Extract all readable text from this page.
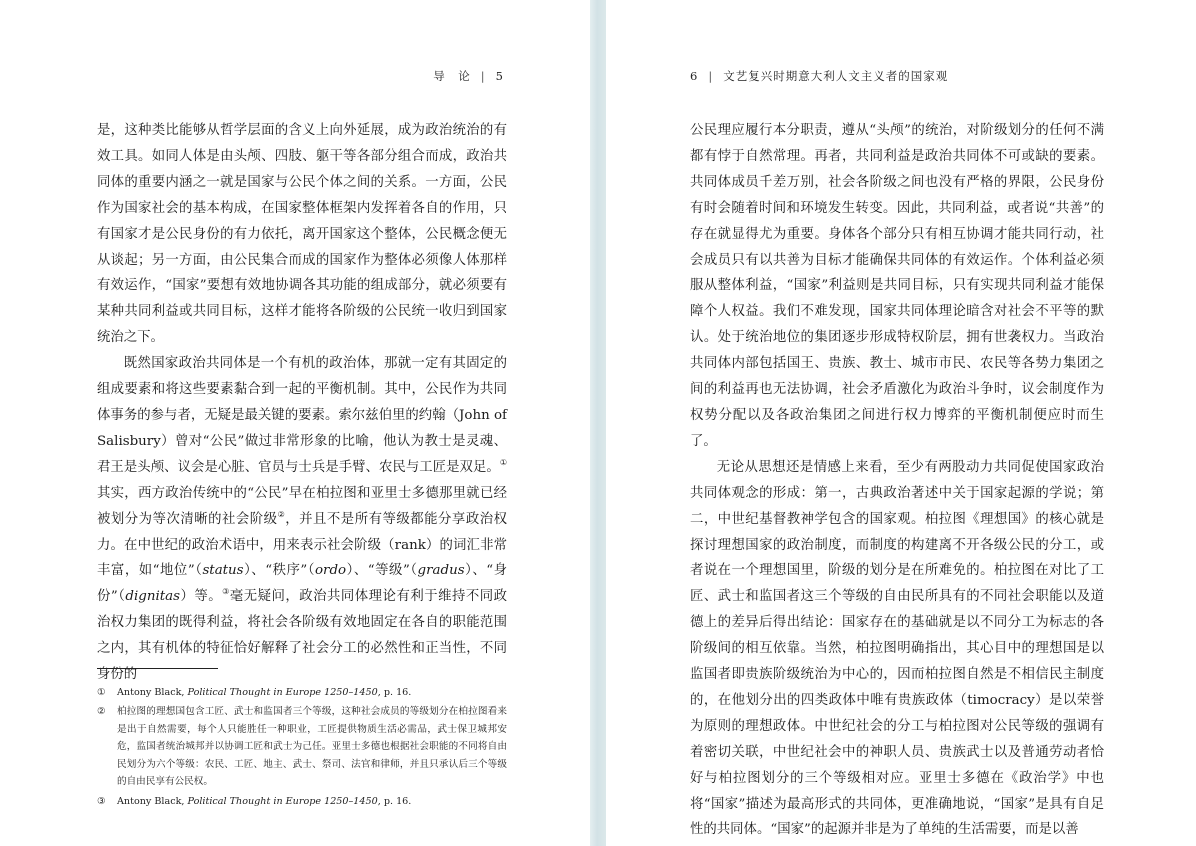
导　论 | 5

是，这种类比能够从哲学层面的含义上向外延展，成为政治统治的有效工具。如同人体是由头颅、四肢、躯干等各部分组合而成，政治共同体的重要内涵之一就是国家与公民个体之间的关系。一方面，公民作为国家社会的基本构成，在国家整体框架内发挥着各自的作用，只有国家才是公民身份的有力依托，离开国家这个整体，公民概念便无从谈起；另一方面，由公民集合而成的国家作为整体必须像人体那样有效运作，“国家”要想有效地协调各其功能的组成部分，就必须要有某种共同利益或共同目标，这样才能将各阶级的公民统一收归到国家统治之下。

既然国家政治共同体是一个有机的政治体，那就一定有其固定的组成要素和将这些要素黏合到一起的平衡机制。其中，公民作为共同体事务的参与者，无疑是最关键的要素。索尔兹伯里的约翰（John of Salisbury）曾对“公民”做过非常形象的比喻，他认为教士是灵魂、君王是头颅、议会是心脏、官员与士兵是手臂、农民与工匠是双足。①其实，西方政治传统中的“公民”早在柏拉图和亚里士多德那里就已经被划分为等次清晰的社会阶级②，并且不是所有等级都能分享政治权力。在中世纪的政治术语中，用来表示社会阶级（rank）的词汇非常丰富，如“地位”（status）、“秩序”（ordo）、“等级”（gradus）、“身份”（dignitas）等。③毫无疑问，政治共同体理论有利于维持不同政治权力集团的既得利益，将社会各阶级有效地固定在各自的职能范围之内，其有机体的特征恰好解释了社会分工的必然性和正当性，不同身份的

①	Antony Black, Political Thought in Europe 1250–1450, p. 16.
②	柏拉图的理想国包含工匠、武士和监国者三个等级，这种社会成员的等级划分在柏拉图看来是出于自然需要，每个人只能胜任一种职业，工匠提供物质生活必需品，武士保卫城邦安危，监国者统治城邦并以协调工匠和武士为己任。亚里士多德也根据社会职能的不同将自由民划分为六个等级：农民、工匠、地主、武士、祭司、法官和律师，并且只承认后三个等级的自由民享有公民权。
③	Antony Black, Political Thought in Europe 1250–1450, p. 16.
6 | 文艺复兴时期意大利人文主义者的国家观

公民理应履行本分职责，遵从“头颅”的统治，对阶级划分的任何不满都有悖于自然常理。再者，共同利益是政治共同体不可或缺的要素。共同体成员千差万别，社会各阶级之间也没有严格的界限，公民身份有时会随着时间和环境发生转变。因此，共同利益，或者说“共善”的存在就显得尤为重要。身体各个部分只有相互协调才能共同行动，社会成员只有以共善为目标才能确保共同体的有效运作。个体利益必须服从整体利益，“国家”利益则是共同目标，只有实现共同利益才能保障个人权益。我们不难发现，国家共同体理论暗含对社会不平等的默认。处于统治地位的集团逐步形成特权阶层，拥有世袭权力。当政治共同体内部包括国王、贵族、教士、城市市民、农民等各势力集团之间的利益再也无法协调，社会矛盾激化为政治斗争时，议会制度作为权势分配以及各政治集团之间进行权力博弈的平衡机制便应时而生了。

无论从思想还是情感上来看，至少有两股动力共同促使国家政治共同体观念的形成：第一，古典政治著述中关于国家起源的学说；第二，中世纪基督教神学包含的国家观。柏拉图《理想国》的核心就是探讨理想国家的政治制度，而制度的构建离不开各级公民的分工，或者说在一个理想国里，阶级的划分是在所难免的。柏拉图在对比了工匠、武士和监国者这三个等级的自由民所具有的不同社会职能以及道德上的差异后得出结论：国家存在的基础就是以不同分工为标志的各阶级间的相互依靠。当然，柏拉图明确指出，其心目中的理想国是以监国者即贵族阶级统治为中心的，因而柏拉图自然是不相信民主制度的，在他划分出的四类政体中唯有贵族政体（timocracy）是以荣誉为原则的理想政体。中世纪社会的分工与柏拉图对公民等级的强调有着密切关联，中世纪社会中的神职人员、贵族武士以及普通劳动者恰好与柏拉图划分的三个等级相对应。亚里士多德在《政治学》中也将“国家”描述为最高形式的共同体，更准确地说，“国家”是具有自足性的共同体。“国家”的起源并非是为了单纯的生活需要，而是以善
